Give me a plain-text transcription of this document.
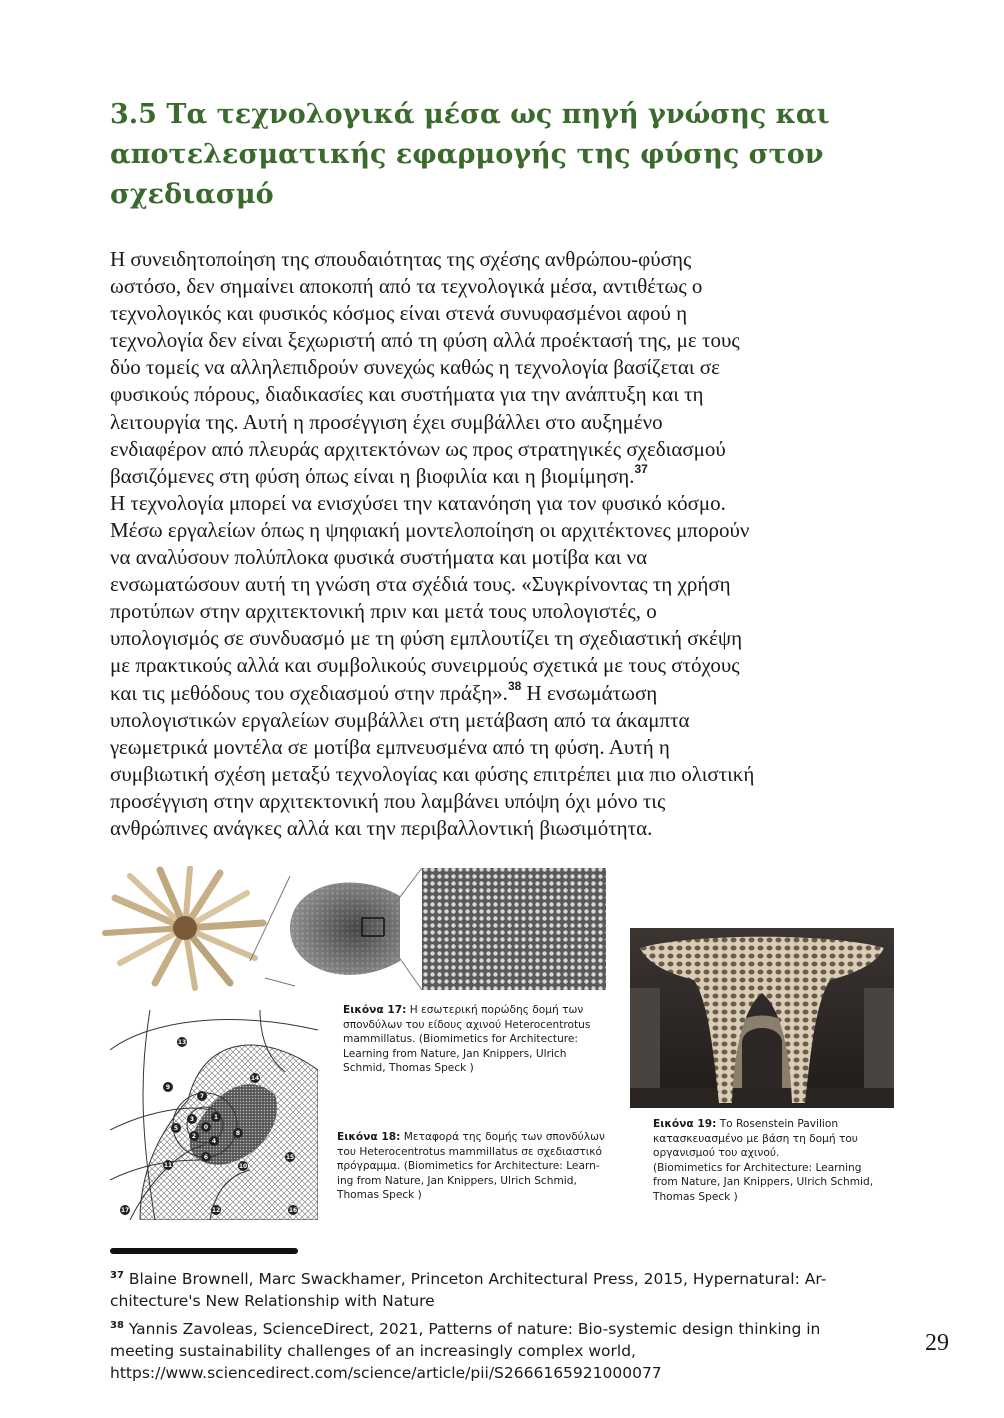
3.5 Τα τεχνολογικά μέσα ως πηγή γνώσης και
αποτελεσματικής εφαρμογής της φύσης στον
σχεδιασμό
Η συνειδητοποίηση της σπουδαιότητας της σχέσης ανθρώπου-φύσης
ωστόσο, δεν σημαίνει αποκοπή από τα τεχνολογικά μέσα, αντιθέτως ο
τεχνολογικός και φυσικός κόσμος είναι στενά συνυφασμένοι αφού η
τεχνολογία δεν είναι ξεχωριστή από τη φύση αλλά προέκτασή της, με τους
δύο τομείς να αλληλεπιδρούν συνεχώς καθώς η τεχνολογία βασίζεται σε
φυσικούς πόρους, διαδικασίες και συστήματα για την ανάπτυξη και τη
λειτουργία της. Αυτή η προσέγγιση έχει συμβάλλει στο αυξημένο
ενδιαφέρον από πλευράς αρχιτεκτόνων ως προς στρατηγικές σχεδιασμού
βασιζόμενες στη φύση όπως είναι η βιοφιλία και η βιομίμηση.$^{37}$
Η τεχνολογία μπορεί να ενισχύσει την κατανόηση για τον φυσικό κόσμο.
Μέσω εργαλείων όπως η ψηφιακή μοντελοποίηση οι αρχιτέκτονες μπορούν
να αναλύσουν πολύπλοκα φυσικά συστήματα και μοτίβα και να
ενσωματώσουν αυτή τη γνώση στα σχέδιά τους. «Συγκρίνοντας τη χρήση
προτύπων στην αρχιτεκτονική πριν και μετά τους υπολογιστές, ο
υπολογισμός σε συνδυασμό με τη φύση εμπλουτίζει τη σχεδιαστική σκέψη
με πρακτικούς αλλά και συμβολικούς συνειρμούς σχετικά με τους στόχους
και τις μεθόδους του σχεδιασμού στην πράξη».$^{38}$ Η ενσωμάτωση
υπολογιστικών εργαλείων συμβάλλει στη μετάβαση από τα άκαμπτα
γεωμετρικά μοντέλα σε μοτίβα εμπνευσμένα από τη φύση. Αυτή η
συμβιωτική σχέση μεταξύ τεχνολογίας και φύσης επιτρέπει μια πιο ολιστική
προσέγγιση στην αρχιτεκτονική που λαμβάνει υπόψη όχι μόνο τις
ανθρώπινες ανάγκες αλλά και την περιβαλλοντική βιωσιμότητα.
Εικόνα 17: Η εσωτερική πορώδης δομή των
σπονδύλων του είδους αχινού Heterocentrotus
mammillatus. (Biomimetics for Architecture:
Learning from Nature, Jan Knippers, Ulrich
Schmid, Thomas Speck )
13
14
9
7
3	1
5	0
2
4
8
6	15
11	10
17	12	16
Εικόνα 18: Μεταφορά της δομής των σπονδύλων
του Heterocentrotus mammillatus σε σχεδιαστικό
πρόγραμμα. (Biomimetics for Architecture: Learn-
ing from Nature, Jan Knippers, Ulrich Schmid,
Thomas Speck )
Εικόνα 19: Το Rosenstein Pavilion
κατασκευασμένο με βάση τη δομή του
οργανισμού του αχινού.
(Biomimetics for Architecture: Learning
from Nature, Jan Knippers, Ulrich Schmid,
Thomas Speck )
$^{37}$ Blaine Brownell, Marc Swackhamer, Princeton Architectural Press, 2015, Hypernatural: Ar-
chitecture's New Relationship with Nature
$^{38}$ Yannis Zavoleas, ScienceDirect, 2021, Patterns of nature: Bio-systemic design thinking in
meeting sustainability challenges of an increasingly complex world,
https://www.sciencedirect.com/science/article/pii/S2666165921000077
29
